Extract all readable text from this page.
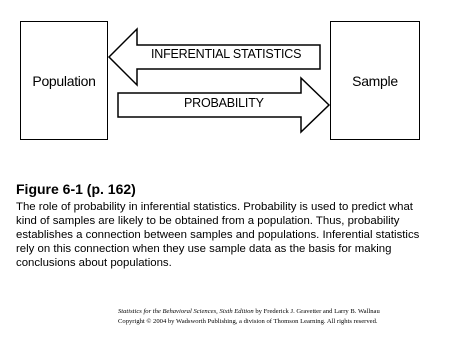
Population	Sample
INFERENTIAL STATISTICS
PROBABILITY
Figure 6-1 (p. 162)
The role of probability in inferential statistics. Probability is used to predict what kind of samples are likely to be obtained from a population. Thus, probability establishes a connection between samples and populations. Inferential statistics rely on this connection when they use sample data as the basis for making conclusions about populations.
Statistics for the Behavioral Sciences, Sixth Edition by Frederick J. Gravetter and Larry B. Wallnau
Copyright © 2004 by Wadsworth Publishing, a division of Thomson Learning. All rights reserved.
